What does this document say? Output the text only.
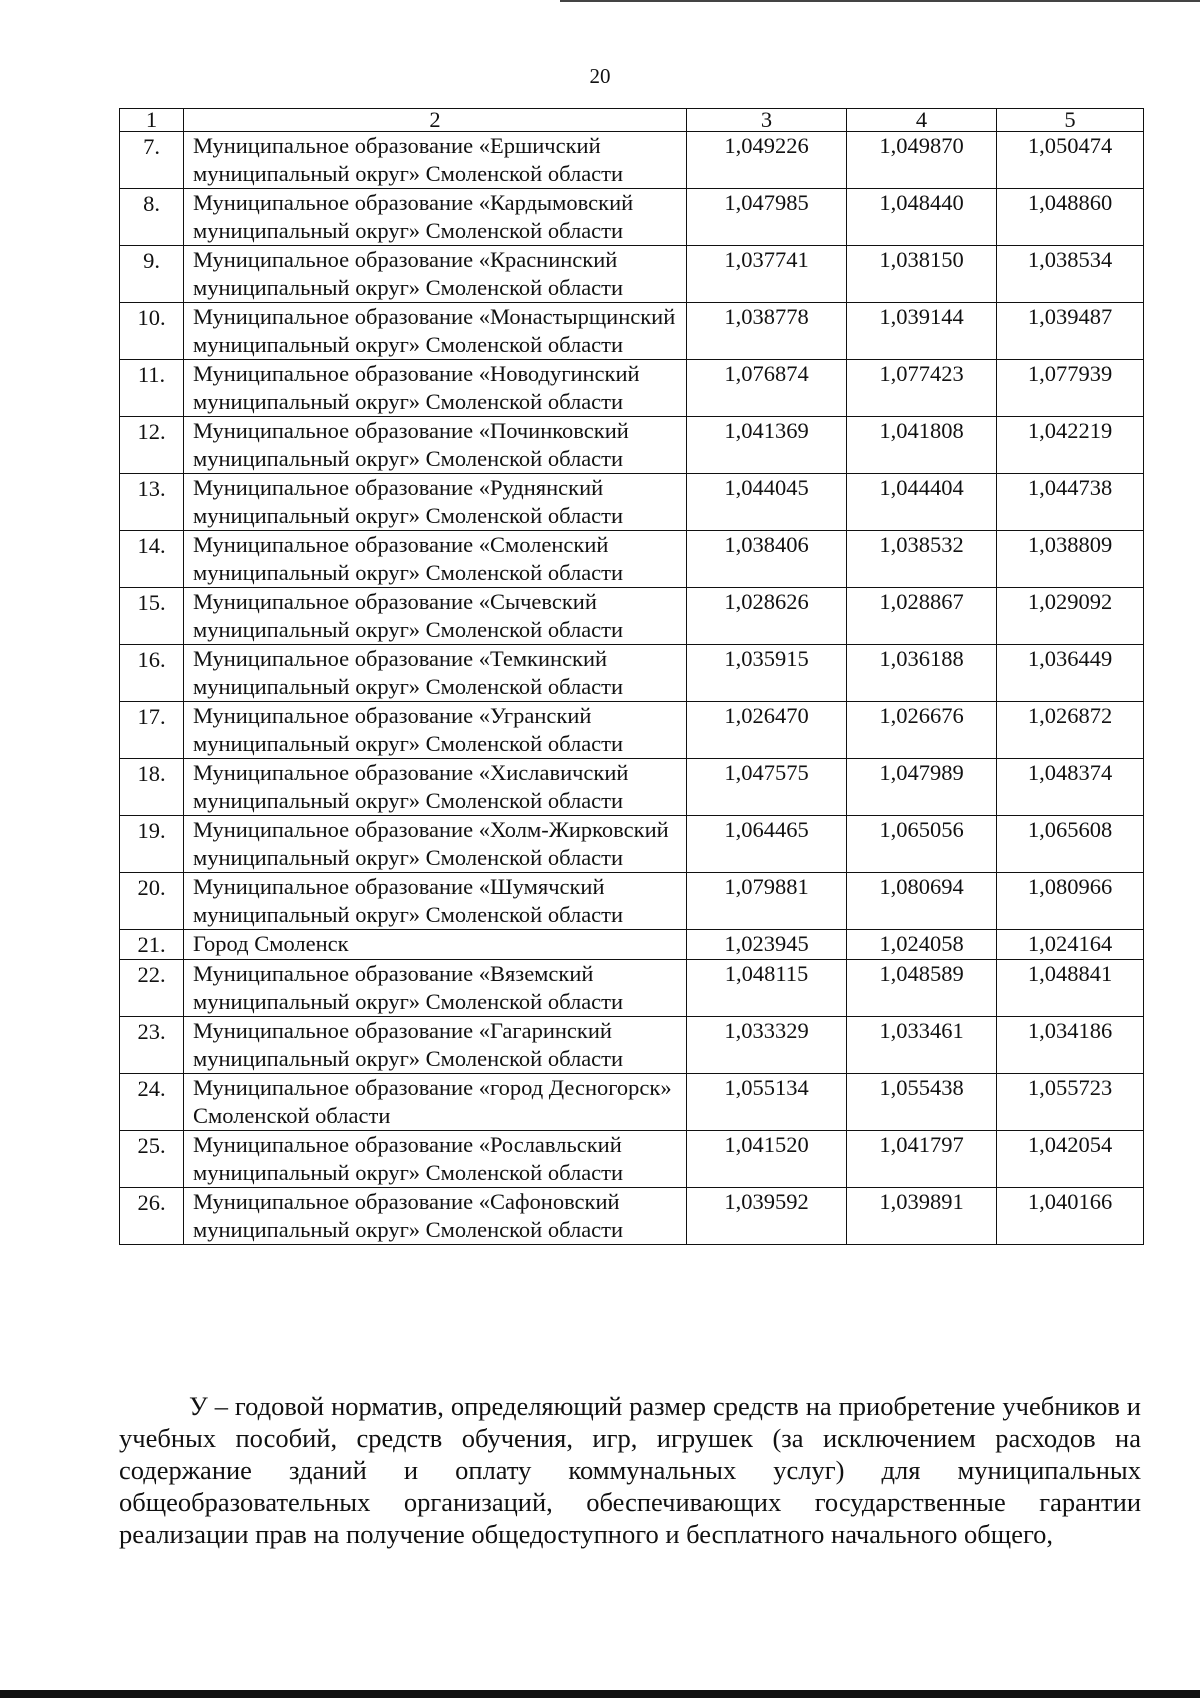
20
1	2	3	4	5
7.	Муниципальное образование «Ершичский муниципальный округ» Смоленской области	1,049226	1,049870	1,050474
8.	Муниципальное образование «Кардымовский муниципальный округ» Смоленской области	1,047985	1,048440	1,048860
9.	Муниципальное образование «Краснинский муниципальный округ» Смоленской области	1,037741	1,038150	1,038534
10.	Муниципальное образование «Монастырщинский муниципальный округ» Смоленской области	1,038778	1,039144	1,039487
11.	Муниципальное образование «Новодугинский муниципальный округ» Смоленской области	1,076874	1,077423	1,077939
12.	Муниципальное образование «Починковский муниципальный округ» Смоленской области	1,041369	1,041808	1,042219
13.	Муниципальное образование «Руднянский муниципальный округ» Смоленской области	1,044045	1,044404	1,044738
14.	Муниципальное образование «Смоленский муниципальный округ» Смоленской области	1,038406	1,038532	1,038809
15.	Муниципальное образование «Сычевский муниципальный округ» Смоленской области	1,028626	1,028867	1,029092
16.	Муниципальное образование «Темкинский муниципальный округ» Смоленской области	1,035915	1,036188	1,036449
17.	Муниципальное образование «Угранский муниципальный округ» Смоленской области	1,026470	1,026676	1,026872
18.	Муниципальное образование «Хиславичский муниципальный округ» Смоленской области	1,047575	1,047989	1,048374
19.	Муниципальное образование «Холм-Жирковский муниципальный округ» Смоленской области	1,064465	1,065056	1,065608
20.	Муниципальное образование «Шумячский муниципальный округ» Смоленской области	1,079881	1,080694	1,080966
21.	Город Смоленск	1,023945	1,024058	1,024164
22.	Муниципальное образование «Вяземский муниципальный округ» Смоленской области	1,048115	1,048589	1,048841
23.	Муниципальное образование «Гагаринский муниципальный округ» Смоленской области	1,033329	1,033461	1,034186
24.	Муниципальное образование «город Десногорск» Смоленской области	1,055134	1,055438	1,055723
25.	Муниципальное образование «Рославльский муниципальный округ» Смоленской области	1,041520	1,041797	1,042054
26.	Муниципальное образование «Сафоновский муниципальный округ» Смоленской области	1,039592	1,039891	1,040166

У – годовой норматив, определяющий размер средств на приобретение учебников и учебных пособий, средств обучения, игр, игрушек (за исключением расходов на содержание зданий и оплату коммунальных услуг) для муниципальных общеобразовательных организаций, обеспечивающих государственные гарантии реализации прав на получение общедоступного и бесплатного начального общего,
